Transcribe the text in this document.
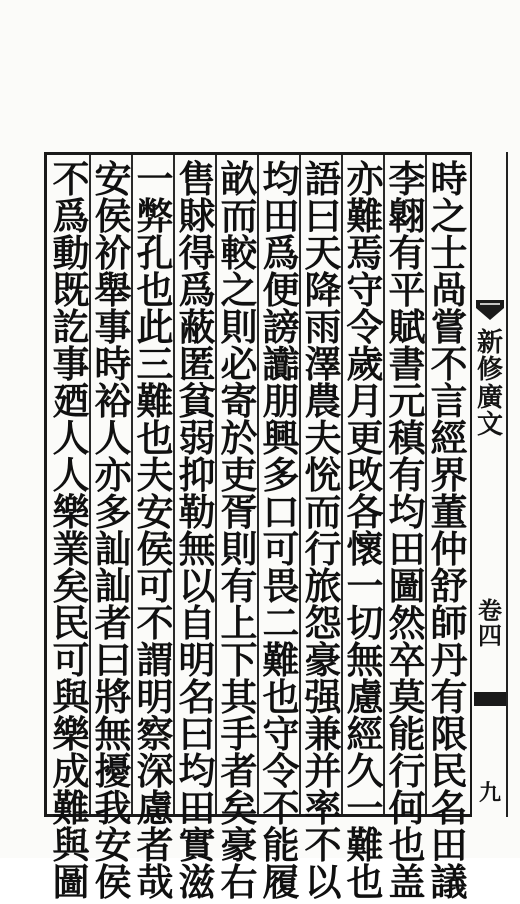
時
之
士
咼
嘗
不
言
經
界
董
仲
舒
師
丹
有
限
民
名
田
議
李
翺
有
平
賦
書
元
稹
有
均
田
圖
然
卒
莫
能
行
何
也
盖
亦
難
焉
守
令
歲
月
更
攺
各
懷
一
切
無
慮
經
久
一
難
也
語
曰
天
降
雨
澤
農
夫
恱
而
行
旅
怨
豪
强
兼
并
率
不
以
均
田
爲
便
謗
讟
朋
興
多
口
可
畏
二
難
也
守
令
不
能
履
畝
而
較
之
則
必
寄
於
吏
胥
則
有
上
下
其
手
者
矣
豪
右
售
賕
得
爲
蔽
匿
貧
弱
抑
勒
無
以
自
明
名
曰
均
田
實
滋
一
弊
孔
也
此
三
難
也
夫
安
侯
可
不
謂
明
察
深
慮
者
哉
安
侯
祄
舉
事
時
裕
人
亦
多
訕
訕
者
曰
將
無
擾
我
安
侯
不
爲
動
既
訖
事
廼
人
人
樂
業
矣
民
可
與
樂
成
難
與
圖
新
修
廣
文
卷
四
九
